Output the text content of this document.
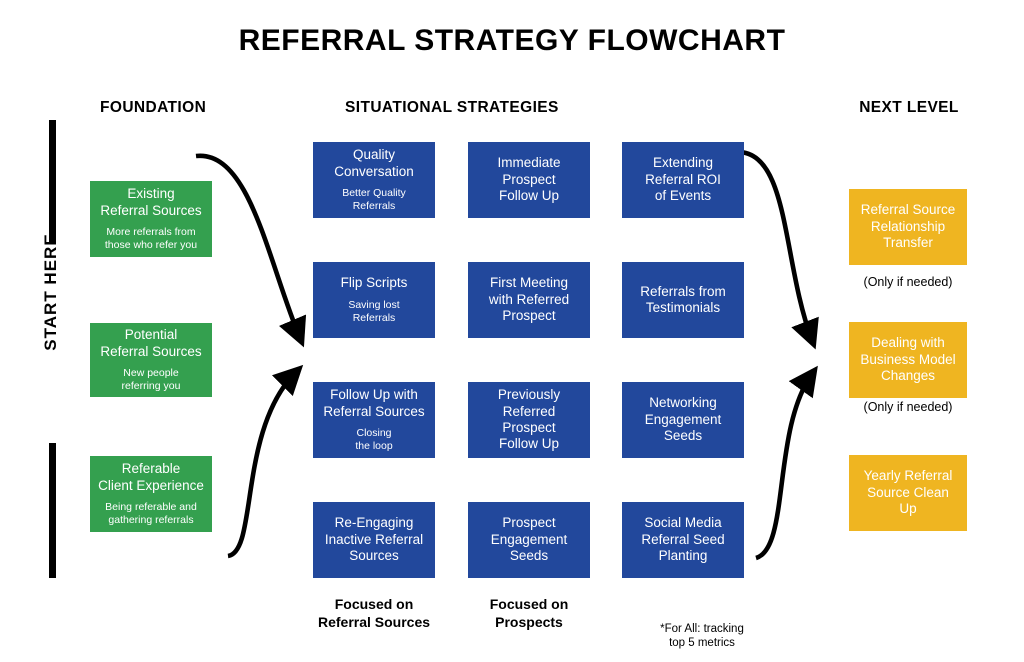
REFERRAL STRATEGY FLOWCHART
FOUNDATION	SITUATIONAL STRATEGIES	NEXT LEVEL
START HERE
Existing
Referral Sources
More referrals from
those who refer you
Potential
Referral Sources
New people
referring you
Referable
Client Experience
Being referable and
gathering referrals
Quality
Conversation
Better Quality Referrals
Flip Scripts
Saving lost
Referrals
Follow Up with
Referral Sources
Closing
the loop
Re-Engaging
Inactive Referral
Sources
Immediate
Prospect
Follow Up
First Meeting
with Referred
Prospect
Previously
Referred Prospect
Follow Up
Prospect
Engagement
Seeds
Extending
Referral ROI
of Events
Referrals from
Testimonials
Networking
Engagement
Seeds
Social Media
Referral Seed
Planting
Referral Source
Relationship
Transfer
(Only if needed)
Dealing with
Business Model
Changes
(Only if needed)
Yearly Referral
Source Clean Up
Focused on
Referral Sources
Focused on
Prospects	*For All: tracking
top 5 metrics
